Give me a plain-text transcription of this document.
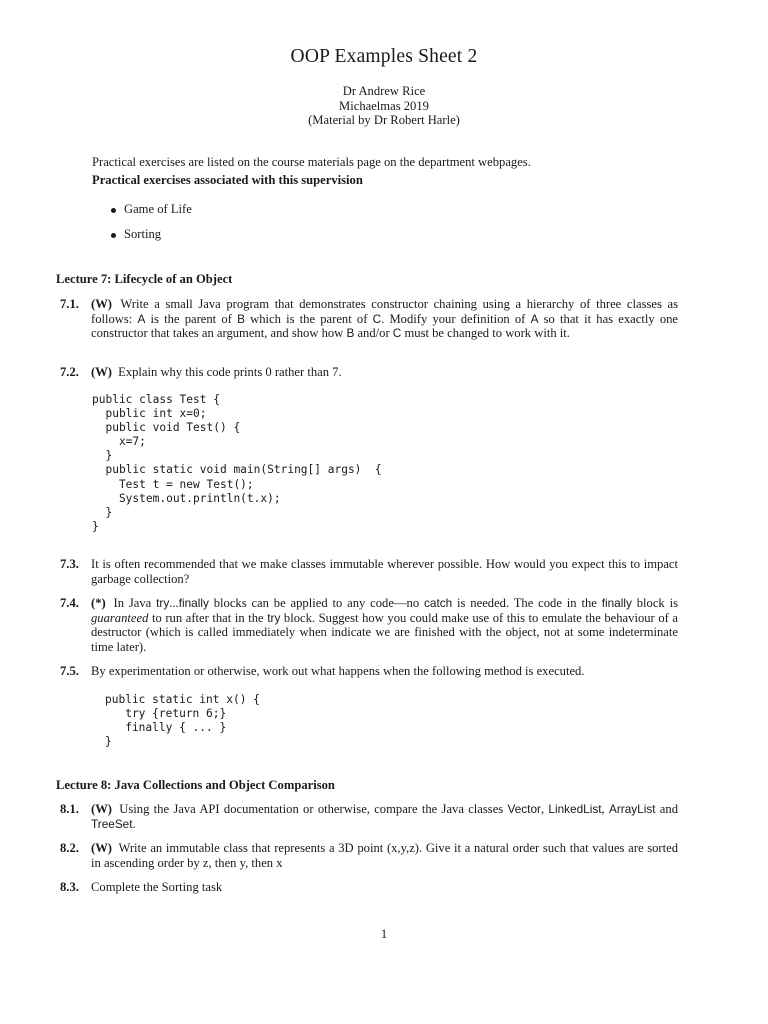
OOP Examples Sheet 2
Dr Andrew Rice
Michaelmas 2019
(Material by Dr Robert Harle)
Practical exercises are listed on the course materials page on the department webpages.
Practical exercises associated with this supervision
Game of Life
Sorting
Lecture 7: Lifecycle of an Object
7.1. (W) Write a small Java program that demonstrates constructor chaining using a hierarchy of three classes as follows: A is the parent of B which is the parent of C. Modify your definition of A so that it has exactly one constructor that takes an argument, and show how B and/or C must be changed to work with it.
7.2. (W) Explain why this code prints 0 rather than 7.
public class Test {
public int x=0;
public void Test() {
x=7;
}
public static void main(String[] args)  {
Test t = new Test();
System.out.println(t.x);
}
}
7.3. It is often recommended that we make classes immutable wherever possible. How would you expect this to impact garbage collection?
7.4. (*) In Java try...finally blocks can be applied to any code—no catch is needed. The code in the finally block is guaranteed to run after that in the try block. Suggest how you could make use of this to emulate the behaviour of a destructor (which is called immediately when indicate we are finished with the object, not at some indeterminate time later).
7.5. By experimentation or otherwise, work out what happens when the following method is executed.
public static int x() {
try {return 6;}
finally { ... }
}
Lecture 8: Java Collections and Object Comparison
8.1. (W) Using the Java API documentation or otherwise, compare the Java classes Vector, LinkedList, ArrayList and TreeSet.
8.2. (W) Write an immutable class that represents a 3D point (x,y,z). Give it a natural order such that values are sorted in ascending order by z, then y, then x
8.3. Complete the Sorting task
1
